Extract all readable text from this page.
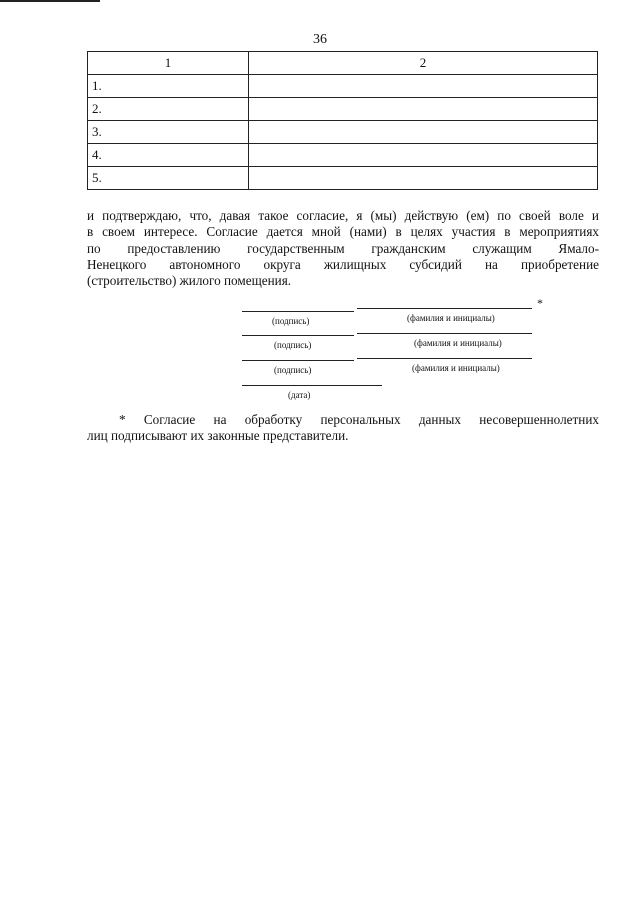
36
1	2
1.	
2.	
3.	
4.	
5.	

и подтверждаю, что, давая такое согласие, я (мы) действую (ем) по своей воле и
в своем интересе. Согласие дается мной (нами) в целях участия в мероприятиях
по предоставлению государственным гражданским служащим Ямало-
Ненецкого автономного округа жилищных субсидий на приобретение
(строительство) жилого помещения.

*
(подпись)	(фамилия и инициалы)
(подпись)	(фамилия и инициалы)
(подпись)	(фамилия и инициалы)
(дата)

* Согласие на обработку персональных данных несовершеннолетних
лиц подписывают их законные представители.
